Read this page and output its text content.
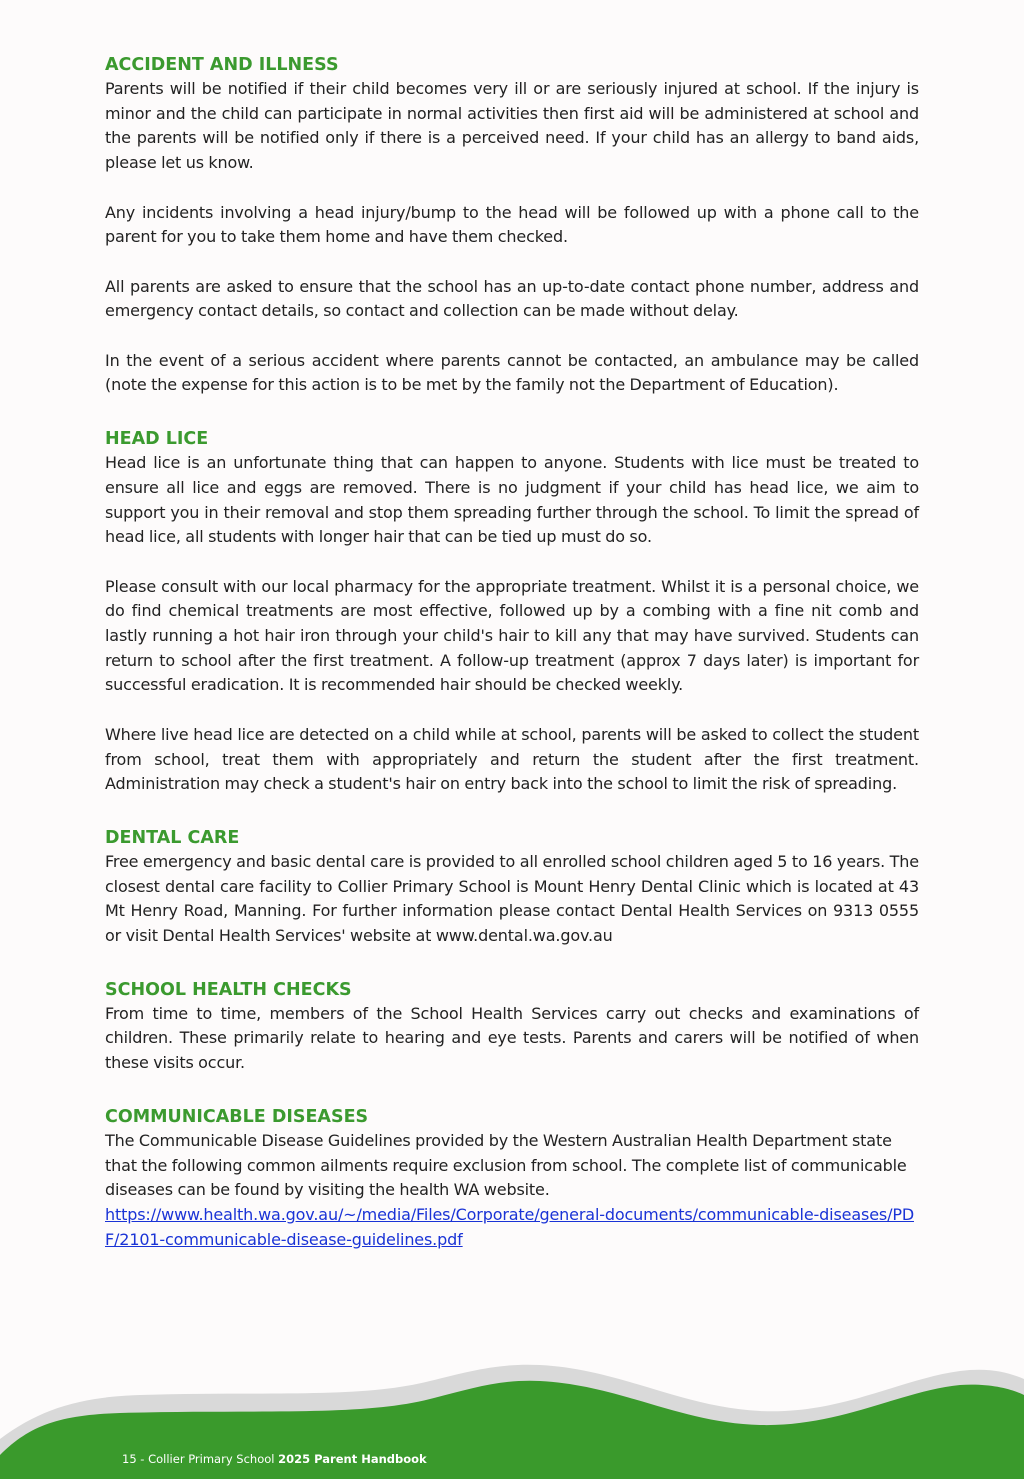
ACCIDENT AND ILLNESS

Parents will be notified if their child becomes very ill or are seriously injured at school. If the injury is minor and the child can participate in normal activities then first aid will be administered at school and the parents will be notified only if there is a perceived need. If your child has an allergy to band aids, please let us know.

Any incidents involving a head injury/bump to the head will be followed up with a phone call to the parent for you to take them home and have them checked.

All parents are asked to ensure that the school has an up-to-date contact phone number, address and emergency contact details, so contact and collection can be made without delay.

In the event of a serious accident where parents cannot be contacted, an ambulance may be called (note the expense for this action is to be met by the family not the Department of Education).

HEAD LICE

Head lice is an unfortunate thing that can happen to anyone. Students with lice must be treated to ensure all lice and eggs are removed. There is no judgment if your child has head lice, we aim to support you in their removal and stop them spreading further through the school. To limit the spread of head lice, all students with longer hair that can be tied up must do so.

Please consult with our local pharmacy for the appropriate treatment. Whilst it is a personal choice, we do find chemical treatments are most effective, followed up by a combing with a fine nit comb and lastly running a hot hair iron through your child's hair to kill any that may have survived. Students can return to school after the first treatment. A follow-up treatment (approx 7 days later) is important for successful eradication. It is recommended hair should be checked weekly.

Where live head lice are detected on a child while at school, parents will be asked to collect the student from school, treat them with appropriately and return the student after the first treatment. Administration may check a student's hair on entry back into the school to limit the risk of spreading.

DENTAL CARE

Free emergency and basic dental care is provided to all enrolled school children aged 5 to 16 years. The closest dental care facility to Collier Primary School is Mount Henry Dental Clinic which is located at 43 Mt Henry Road, Manning. For further information please contact Dental Health Services on 9313 0555 or visit Dental Health Services' website at www.dental.wa.gov.au

SCHOOL HEALTH CHECKS

From time to time, members of the School Health Services carry out checks and examinations of children. These primarily relate to hearing and eye tests. Parents and carers will be notified of when these visits occur.

COMMUNICABLE DISEASES

The Communicable Disease Guidelines provided by the Western Australian Health Department state that the following common ailments require exclusion from school. The complete list of communicable diseases can be found by visiting the health WA website.

https://www.health.wa.gov.au/~/media/Files/Corporate/general-documents/communicable-diseases/PDF/2101-communicable-disease-guidelines.pdf
15 - Collier Primary School 2025 Parent Handbook
